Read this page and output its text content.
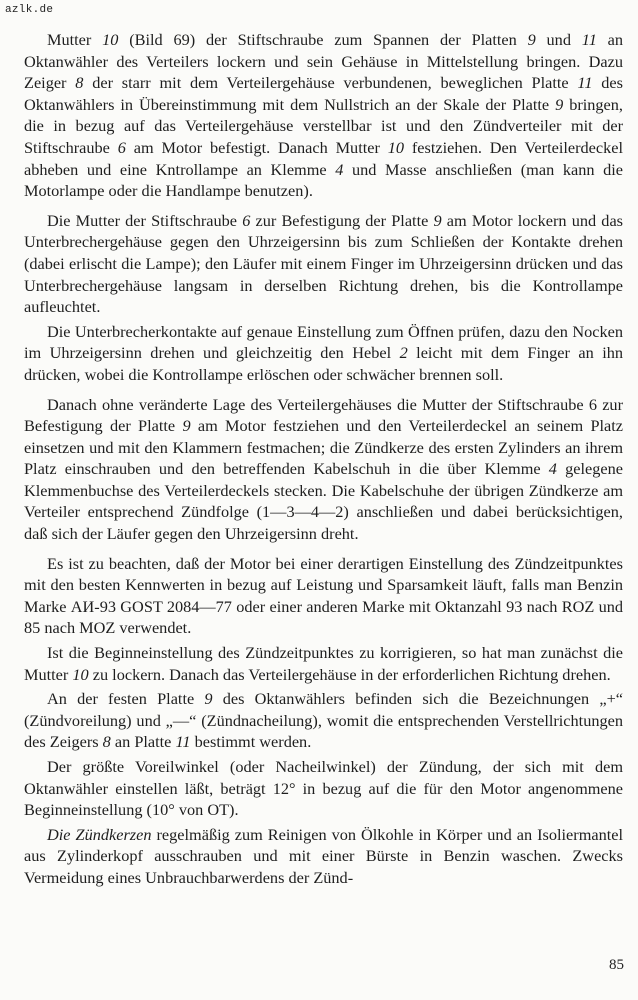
azlk.de

Mutter 10 (Bild 69) der Stiftschraube zum Spannen der Platten 9 und 11 an Oktanwähler des Verteilers lockern und sein Gehäuse in Mittelstellung bringen. Dazu Zeiger 8 der starr mit dem Verteilergehäuse verbundenen, beweglichen Platte 11 des Oktanwählers in Übereinstimmung mit dem Nullstrich an der Skale der Platte 9 bringen, die in bezug auf das Verteilergehäuse verstellbar ist und den Zündverteiler mit der Stiftschraube 6 am Motor befestigt. Danach Mutter 10 festziehen. Den Verteilerdeckel abheben und eine Kntrollampe an Klemme 4 und Masse anschließen (man kann die Motorlampe oder die Handlampe benutzen).

Die Mutter der Stiftschraube 6 zur Befestigung der Platte 9 am Motor lockern und das Unterbrechergehäuse gegen den Uhrzeigersinn bis zum Schließen der Kontakte drehen (dabei erlischt die Lampe); den Läufer mit einem Finger im Uhrzeigersinn drücken und das Unterbrechergehäuse langsam in derselben Richtung drehen, bis die Kontrollampe aufleuchtet.

Die Unterbrecherkontakte auf genaue Einstellung zum Öffnen prüfen, dazu den Nocken im Uhrzeigersinn drehen und gleichzeitig den Hebel 2 leicht mit dem Finger an ihn drücken, wobei die Kontrollampe erlöschen oder schwächer brennen soll.

Danach ohne veränderte Lage des Verteilergehäuses die Mutter der Stiftschraube 6 zur Befestigung der Platte 9 am Motor festziehen und den Verteilerdeckel an seinem Platz einsetzen und mit den Klammern festmachen; die Zündkerze des ersten Zylinders an ihrem Platz einschrauben und den betreffenden Kabelschuh in die über Klemme 4 gelegene Klemmenbuchse des Verteilerdeckels stecken. Die Kabelschuhe der übrigen Zündkerze am Verteiler entsprechend Zündfolge (1—3—4—2) anschließen und dabei berücksichtigen, daß sich der Läufer gegen den Uhrzeigersinn dreht.

Es ist zu beachten, daß der Motor bei einer derartigen Einstellung des Zündzeitpunktes mit den besten Kennwerten in bezug auf Leistung und Sparsamkeit läuft, falls man Benzin Marke АИ-93 GOST 2084—77 oder einer anderen Marke mit Oktanzahl 93 nach ROZ und 85 nach MOZ verwendet.

Ist die Beginneinstellung des Zündzeitpunktes zu korrigieren, so hat man zunächst die Mutter 10 zu lockern. Danach das Verteilergehäuse in der erforderlichen Richtung drehen.

An der festen Platte 9 des Oktanwählers befinden sich die Bezeichnungen „+“ (Zündvoreilung) und „—“ (Zündnacheilung), womit die entsprechenden Verstellrichtungen des Zeigers 8 an Platte 11 bestimmt werden.

Der größte Voreilwinkel (oder Nacheilwinkel) der Zündung, der sich mit dem Oktanwähler einstellen läßt, beträgt 12° in bezug auf die für den Motor angenommene Beginneinstellung (10° von OT).

Die Zündkerzen regelmäßig zum Reinigen von Ölkohle in Körper und an Isoliermantel aus Zylinderkopf ausschrauben und mit einer Bürste in Benzin waschen. Zwecks Vermeidung eines Unbrauchbarwerdens der Zünd-

85
